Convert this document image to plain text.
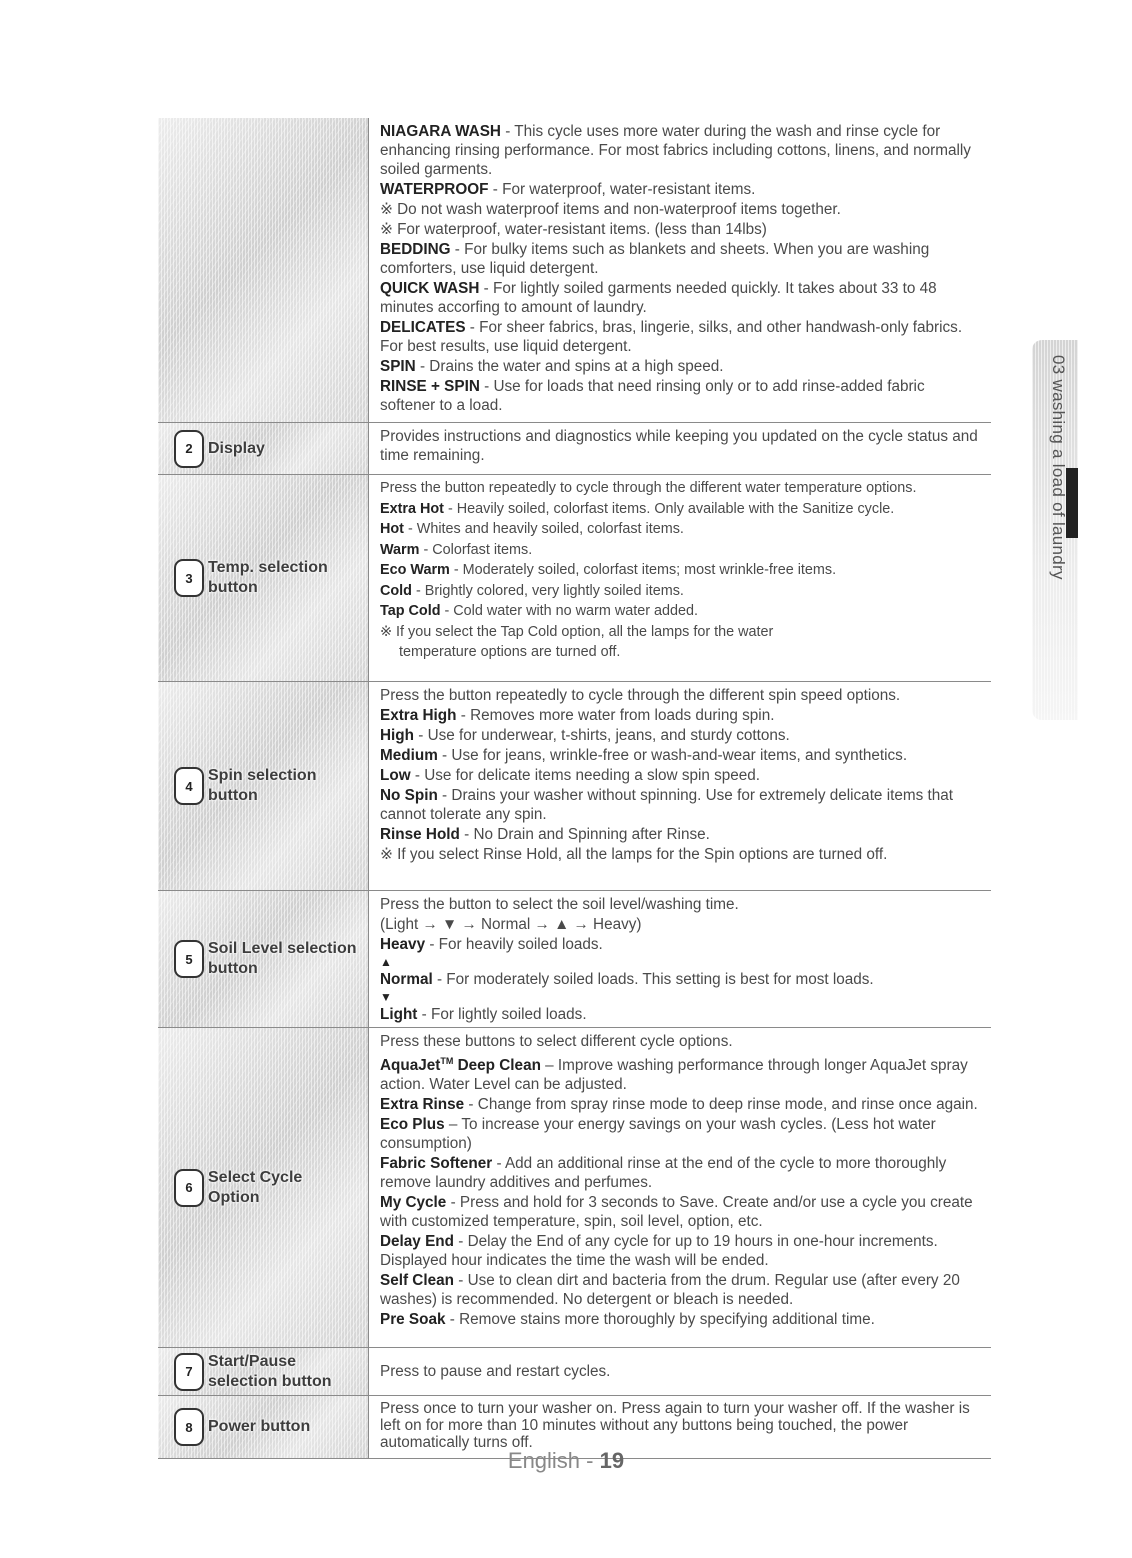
NIAGARA WASH - This cycle uses more water during the wash and rinse cycle for enhancing rinsing performance. For most fabrics including cottons, linens, and normally soiled garments.

WATERPROOF - For waterproof, water-resistant items.

※ Do not wash waterproof items and non-waterproof items together.

※ For waterproof, water-resistant items. (less than 14lbs)

BEDDING - For bulky items such as blankets and sheets. When you are washing comforters, use liquid detergent.

QUICK WASH - For lightly soiled garments needed quickly. It takes about 33 to 48 minutes accorfing to amount of laundry.

DELICATES - For sheer fabrics, bras, lingerie, silks, and other handwash-only fabrics. For best results, use liquid detergent.

SPIN - Drains the water and spins at a high speed.

RINSE + SPIN - Use for loads that need rinsing only or to add rinse-added fabric softener to a load.

2 Display

Provides instructions and diagnostics while keeping you updated on the cycle status and time remaining.

3
Temp. selection button

Press the button repeatedly to cycle through the different water temperature options.

Extra Hot - Heavily soiled, colorfast items. Only available with the Sanitize cycle.

Hot - Whites and heavily soiled, colorfast items.

Warm - Colorfast items.

Eco Warm - Moderately soiled, colorfast items; most wrinkle-free items.

Cold - Brightly colored, very lightly soiled items.

Tap Cold - Cold water with no warm water added.

※ If you select the Tap Cold option, all the lamps for the water

temperature options are turned off.

4
Spin selection button

Press the button repeatedly to cycle through the different spin speed options.

Extra High - Removes more water from loads during spin.

High - Use for underwear, t-shirts, jeans, and sturdy cottons.

Medium - Use for jeans, wrinkle-free or wash-and-wear items, and synthetics.

Low - Use for delicate items needing a slow spin speed.

No Spin - Drains your washer without spinning. Use for extremely delicate items that cannot tolerate any spin.

Rinse Hold - No Drain and Spinning after Rinse.

※ If you select Rinse Hold, all the lamps for the Spin options are turned off.

5
Soil Level selection button

Press the button to select the soil level/washing time.

(Light → ▼ → Normal → ▲ → Heavy)

Heavy - For heavily soiled loads.

▲

Normal - For moderately soiled loads. This setting is best for most loads.

▼

Light - For lightly soiled loads.

6
Select Cycle Option

Press these buttons to select different cycle options.

AquaJet™ Deep Clean – Improve washing performance through longer AquaJet spray action. Water Level can be adjusted.

Extra Rinse - Change from spray rinse mode to deep rinse mode, and rinse once again.

Eco Plus – To increase your energy savings on your wash cycles. (Less hot water consumption)

Fabric Softener - Add an additional rinse at the end of the cycle to more thoroughly remove laundry additives and perfumes.

My Cycle - Press and hold for 3 seconds to Save. Create and/or use a cycle you create with customized temperature, spin, soil level, option, etc.

Delay End - Delay the End of any cycle for up to 19 hours in one-hour increments. Displayed hour indicates the time the wash will be ended.

Self Clean - Use to clean dirt and bacteria from the drum. Regular use (after every 20 washes) is recommended. No detergent or bleach is needed.

Pre Soak - Remove stains more thoroughly by specifying additional time.

7
Start/Pause selection button

Press to pause and restart cycles.

8 Power button

Press once to turn your washer on. Press again to turn your washer off. If the washer is left on for more than 10 minutes without any buttons being touched, the power automatically turns off.

03 washing a load of laundry
English - 19
